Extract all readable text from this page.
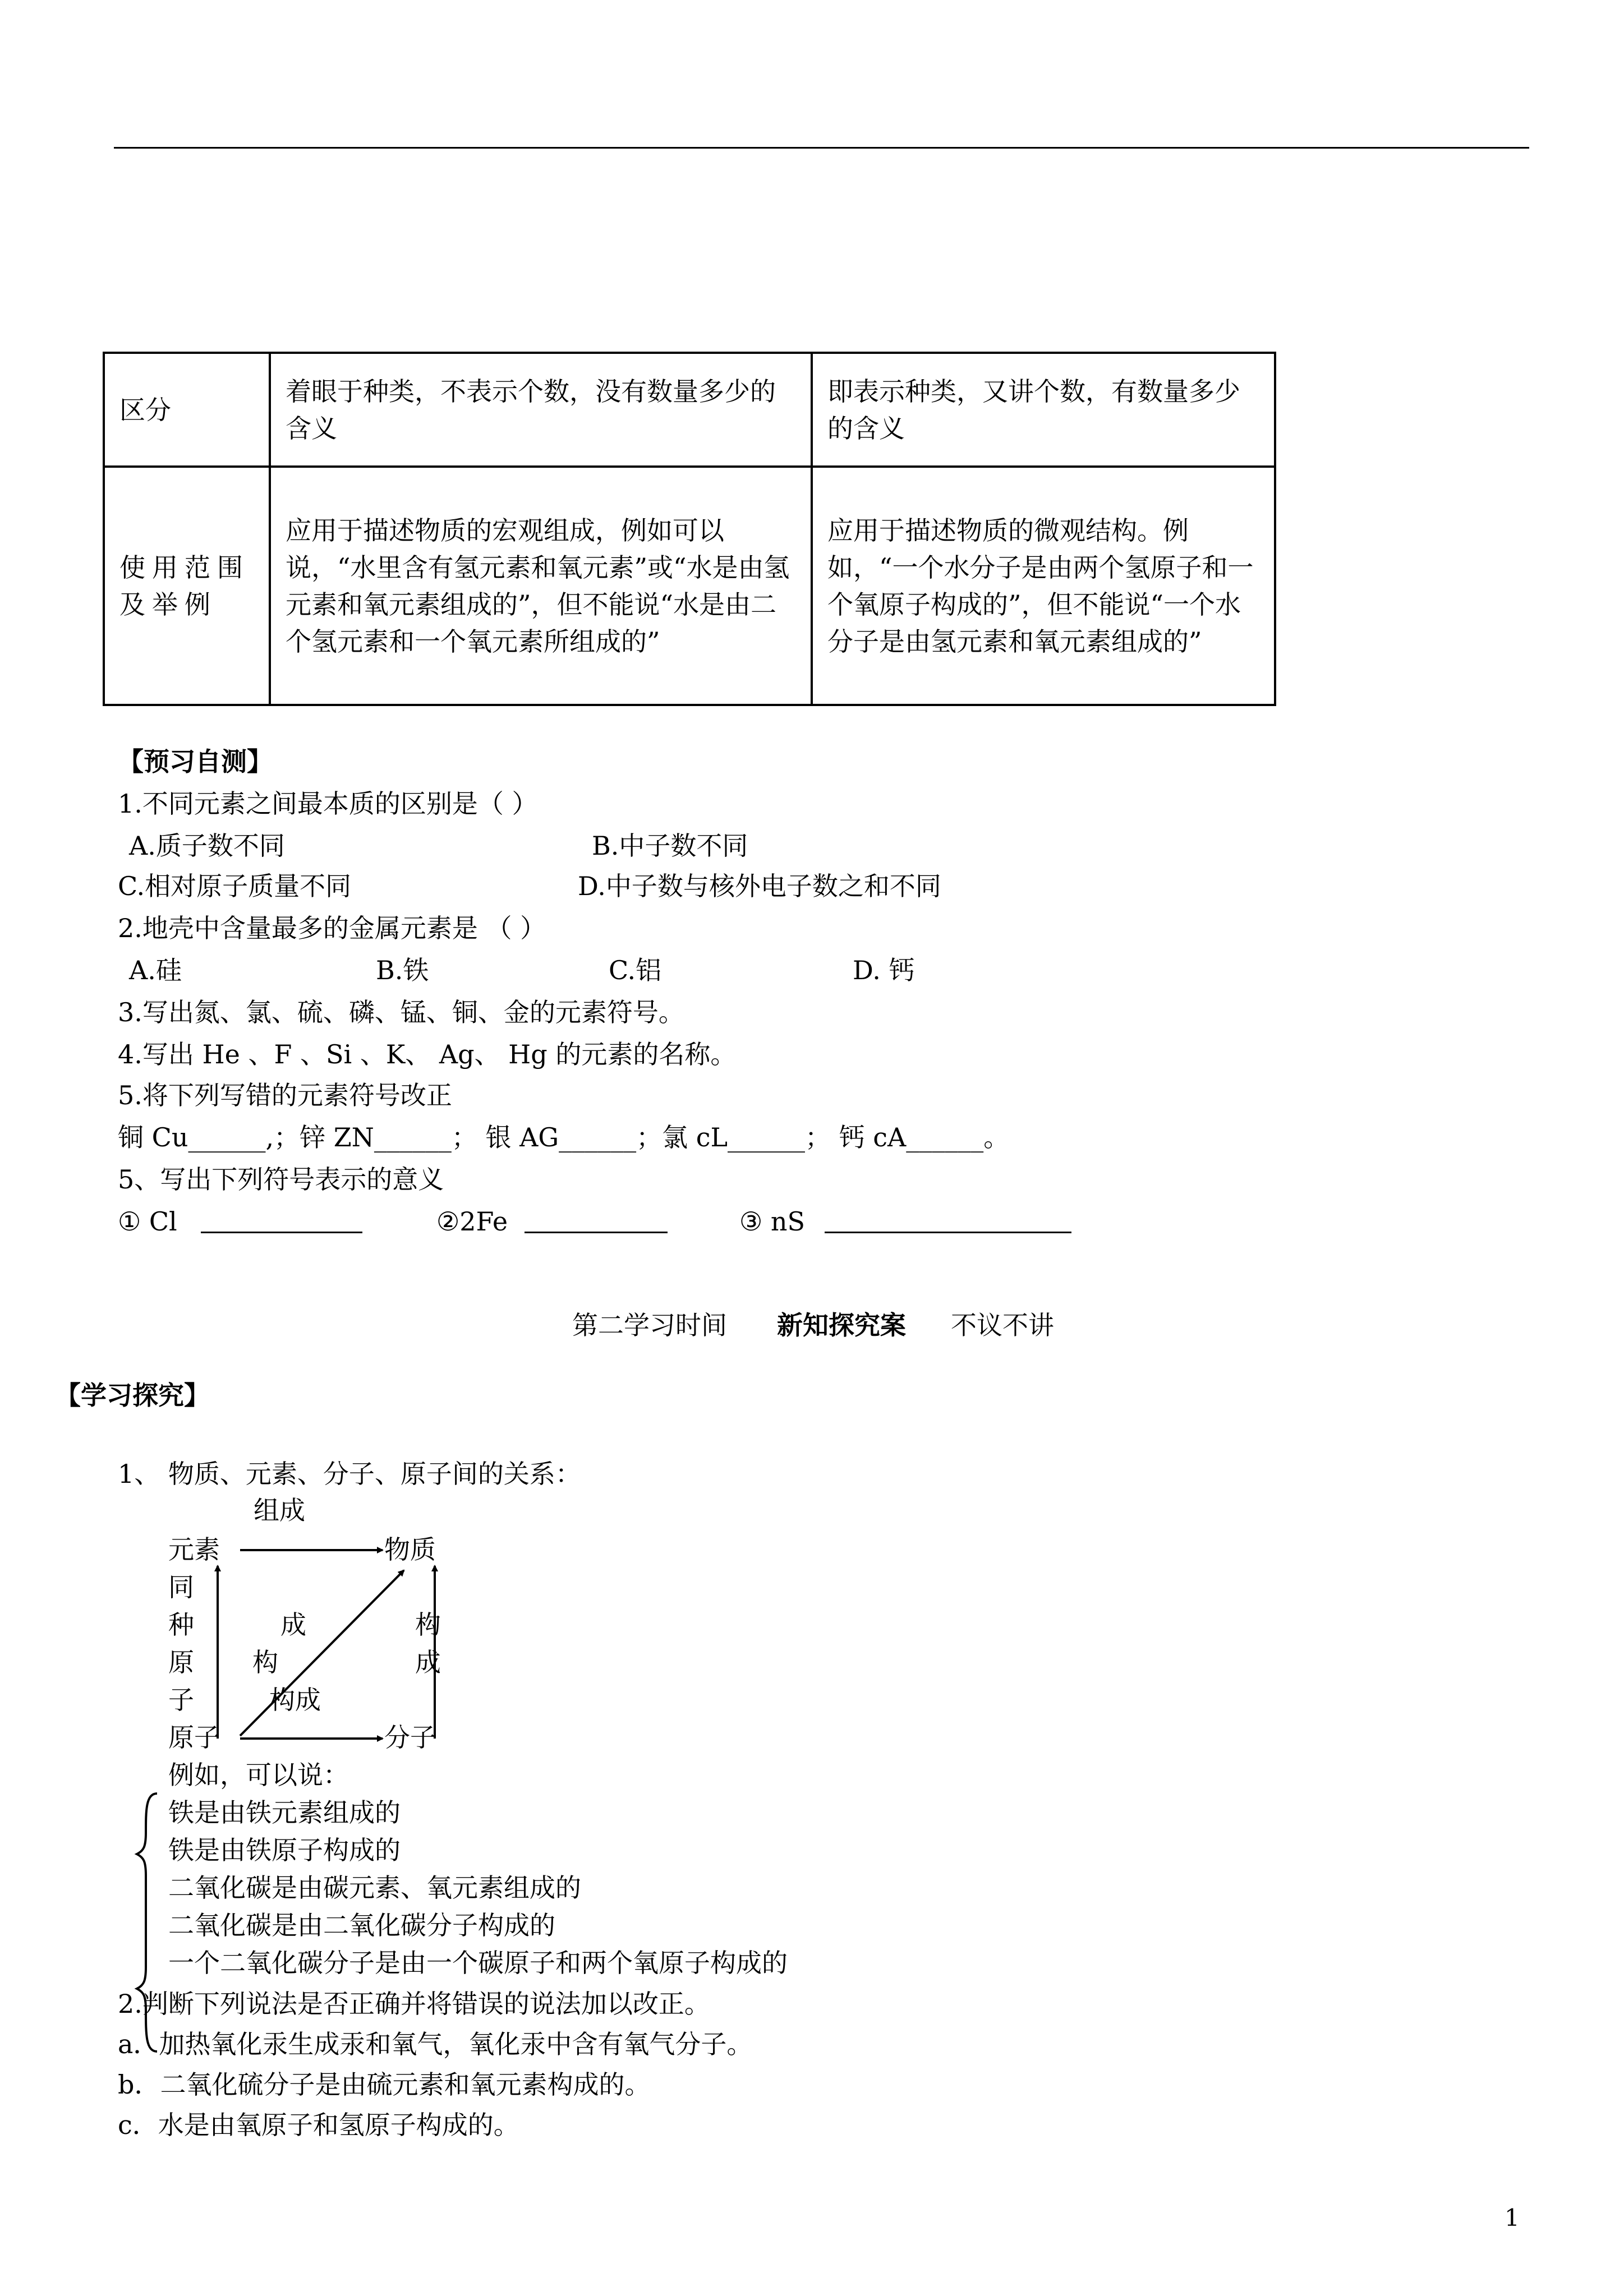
区分	着眼于种类，不表示个数，没有数量多少的含义	即表示种类，又讲个数，有数量多少的含义
使用范围及举例	应用于描述物质的宏观组成，例如可以说，“水里含有氢元素和氧元素”或“水是由氢元素和氧元素组成的”，但不能说“水是由二个氢元素和一个氧元素所组成的”	应用于描述物质的微观结构。例如，“一个水分子是由两个氢原子和一个氧原子构成的”，但不能说“一个水分子是由氢元素和氧元素组成的”
【预习自测】
1.不同元素之间最本质的区别是（ ）
A.质子数不同	B.中子数不同
C.相对原子质量不同	D.中子数与核外电子数之和不同
2.地壳中含量最多的金属元素是 （ ）
A.硅	B.铁	C.铝	D. 钙
3.写出氮、氯、硫、磷、锰、铜、金的元素符号。
4.写出 He 、F 、Si 、K、 Ag、 Hg 的元素的名称。
5.将下列写错的元素符号改正
铜 Cu______,；锌 ZN______； 银 AG______；氯 cL______； 钙 cA______。
5、写出下列符号表示的意义
① Cl	②2Fe	③ nS
第二学习时间 新知探究案 不议不讲
【学习探究】
1、 物质、元素、分子、原子间的关系：
组成
元素	物质
同
种
原
子
成
构
构
成
构成
原子	分子
例如，可以说：
铁是由铁元素组成的
铁是由铁原子构成的
二氧化碳是由碳元素、氧元素组成的
二氧化碳是由二氧化碳分子构成的
一个二氧化碳分子是由一个碳原子和两个氧原子构成的
2.判断下列说法是否正确并将错误的说法加以改正。
a．加热氧化汞生成汞和氧气，氧化汞中含有氧气分子。
b．二氧化硫分子是由硫元素和氧元素构成的。
c．水是由氧原子和氢原子构成的。
1
